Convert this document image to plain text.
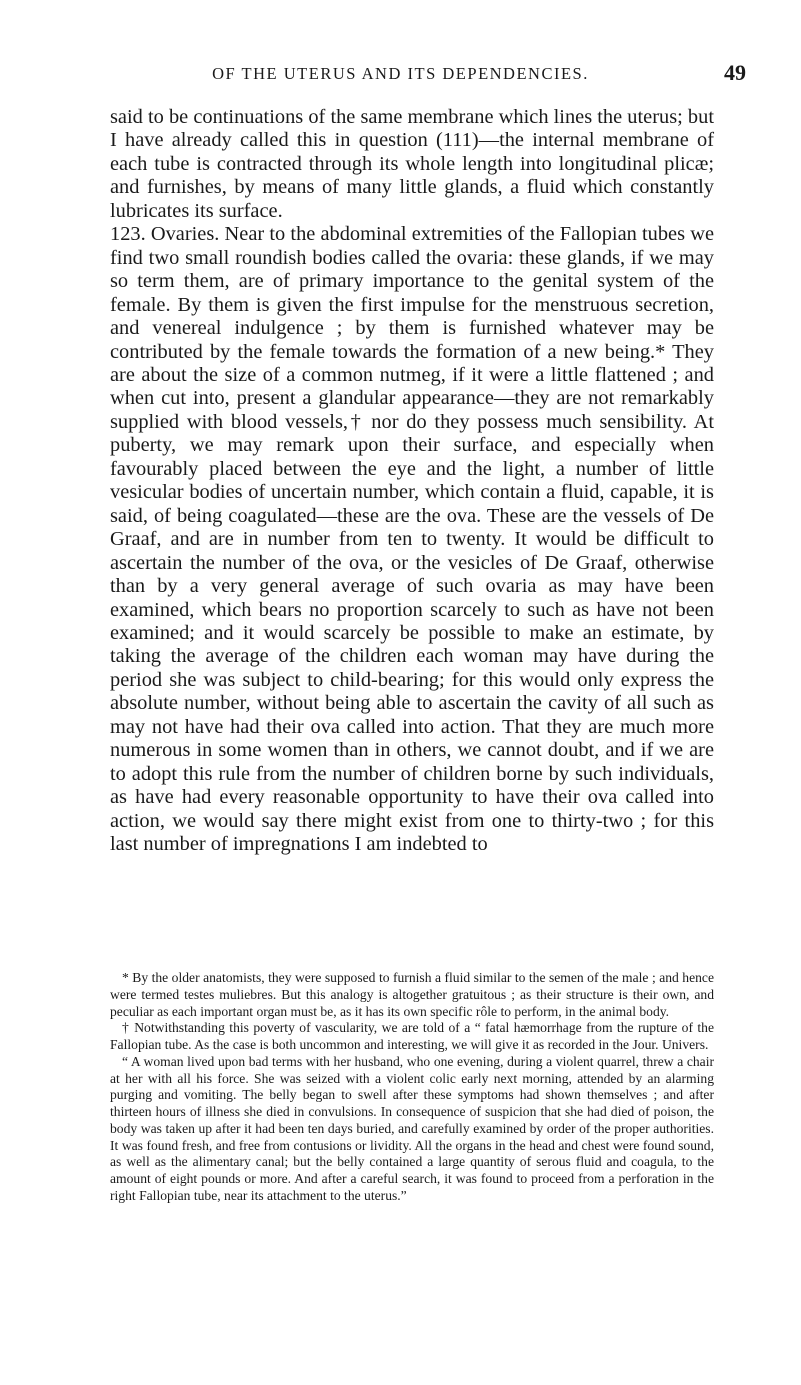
OF THE UTERUS AND ITS DEPENDENCIES.	49

said to be continuations of the same membrane which lines the uterus; but I have already called this in question (111)—the internal membrane of each tube is contracted through its whole length into longitudinal plicæ; and furnishes, by means of many little glands, a fluid which constantly lubricates its surface.

123. Ovaries. Near to the abdominal extremities of the Fallopian tubes we find two small roundish bodies called the ovaria: these glands, if we may so term them, are of primary importance to the genital system of the female. By them is given the first impulse for the menstruous secretion, and venereal indulgence ; by them is furnished whatever may be contributed by the female towards the formation of a new being.* They are about the size of a common nutmeg, if it were a little flattened ; and when cut into, present a glandular appearance—they are not remarkably supplied with blood vessels,† nor do they possess much sensibility. At puberty, we may remark upon their surface, and especially when favourably placed between the eye and the light, a number of little vesicular bodies of uncertain number, which contain a fluid, capable, it is said, of being coagulated—these are the ova. These are the vessels of De Graaf, and are in number from ten to twenty. It would be difficult to ascertain the number of the ova, or the vesicles of De Graaf, otherwise than by a very general average of such ovaria as may have been examined, which bears no proportion scarcely to such as have not been examined; and it would scarcely be possible to make an estimate, by taking the average of the children each woman may have during the period she was subject to child-bearing; for this would only express the absolute number, without being able to ascertain the cavity of all such as may not have had their ova called into action. That they are much more numerous in some women than in others, we cannot doubt, and if we are to adopt this rule from the number of children borne by such individuals, as have had every reasonable opportunity to have their ova called into action, we would say there might exist from one to thirty-two ; for this last number of impregnations I am indebted to

* By the older anatomists, they were supposed to furnish a fluid similar to the semen of the male ; and hence were termed testes muliebres. But this analogy is altogether gratuitous ; as their structure is their own, and peculiar as each important organ must be, as it has its own specific rôle to perform, in the animal body.

† Notwithstanding this poverty of vascularity, we are told of a “ fatal hæmorrhage from the rupture of the Fallopian tube. As the case is both uncommon and interesting, we will give it as recorded in the Jour. Univers.

“ A woman lived upon bad terms with her husband, who one evening, during a violent quarrel, threw a chair at her with all his force. She was seized with a violent colic early next morning, attended by an alarming purging and vomiting. The belly began to swell after these symptoms had shown themselves ; and after thirteen hours of illness she died in convulsions. In consequence of suspicion that she had died of poison, the body was taken up after it had been ten days buried, and carefully examined by order of the proper authorities. It was found fresh, and free from contusions or lividity. All the organs in the head and chest were found sound, as well as the alimentary canal; but the belly contained a large quantity of serous fluid and coagula, to the amount of eight pounds or more. And after a careful search, it was found to proceed from a perforation in the right Fallopian tube, near its attachment to the uterus.”
